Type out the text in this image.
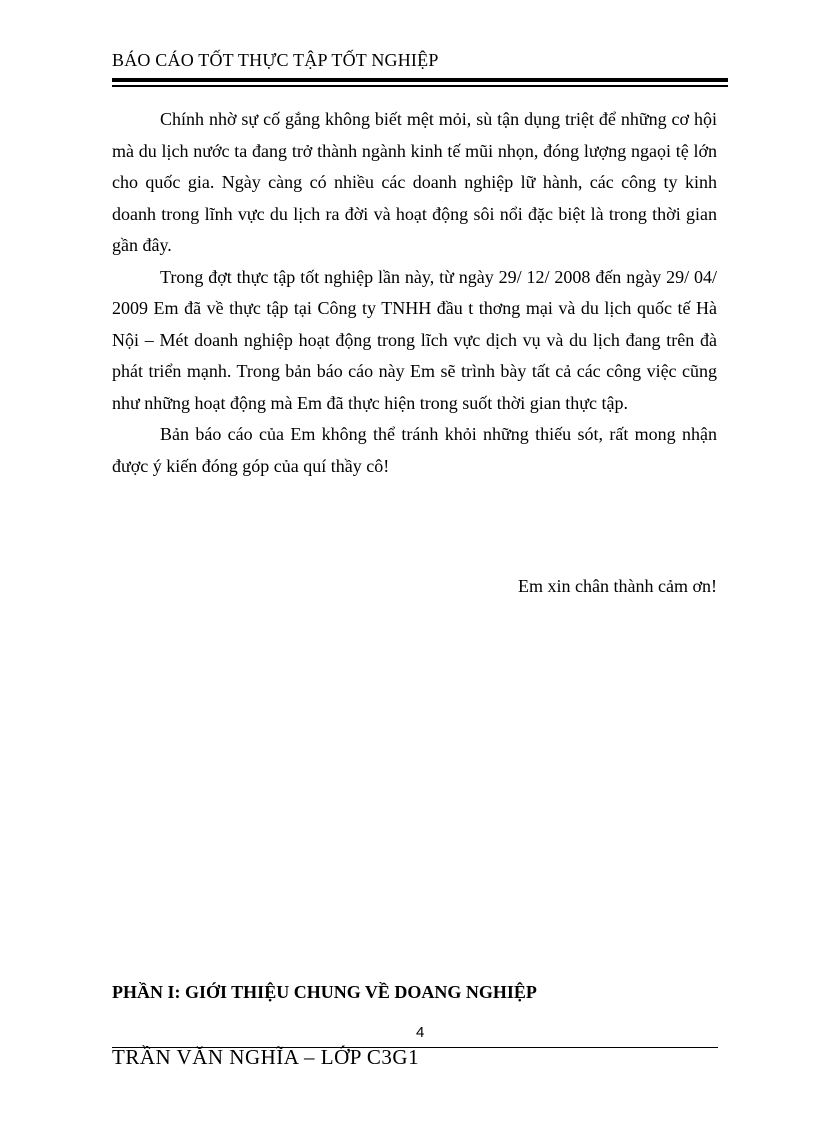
BÁO CÁO TỐT THỰC TẬP TỐT NGHIỆP

Chính nhờ sự cố gắng không biết mệt mỏi, sù tận dụng triệt để những cơ hội mà du lịch nước ta đang trở thành ngành kinh tế mũi nhọn, đóng lượng ngaọi tệ lớn cho quốc gia. Ngày càng có nhiều các doanh nghiệp lữ hành, các công ty kinh doanh trong lĩnh vực du lịch ra đời và hoạt động sôi nổi đặc biệt là trong thời gian gần đây.

Trong đợt thực tập tốt nghiệp lần này, từ ngày 29/ 12/ 2008 đến ngày 29/ 04/ 2009 Em đã về thực tập tại Công ty TNHH đầu t thơng mại và du lịch quốc tế Hà Nội – Mét doanh nghiệp hoạt động trong lĩch vực dịch vụ và du lịch đang trên đà phát triển mạnh. Trong bản báo cáo này Em sẽ trình bày tất cả các công việc cũng như những hoạt động mà Em đã thực hiện trong suốt thời gian thực tập.

Bản báo cáo của Em không thể tránh khỏi những thiếu sót, rất mong nhận được ý kiến đóng góp của quí thầy cô!

Em xin chân thành cảm ơn!
PHẦN I: GIỚI THIỆU CHUNG VỀ DOANG NGHIỆP
4
TRẦN VĂN NGHĨA – LỚP C3G1
